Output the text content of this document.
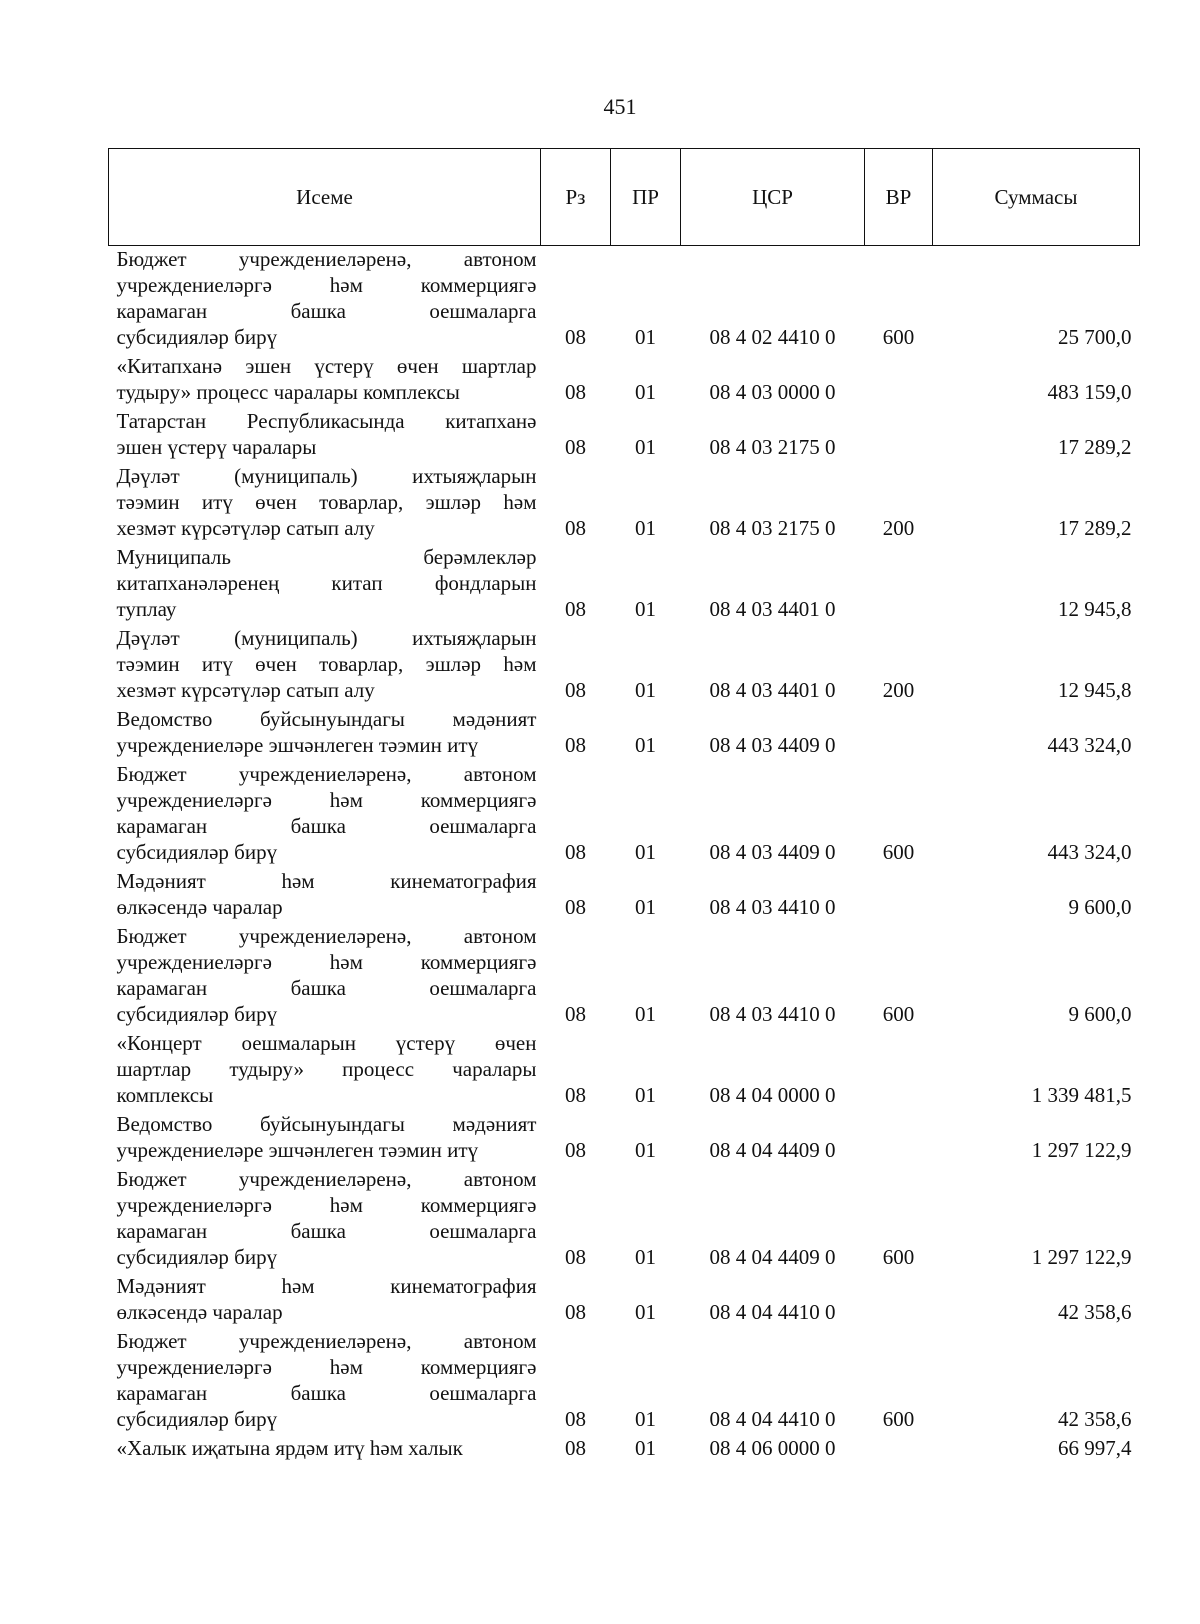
451
Исеме	Рз	ПР	ЦСР	ВР	Суммасы

Бюджет учреждениеләренә, автоном
учреждениеләргә һәм коммерциягә
карамаган башка оешмаларга
субсидияләр бирү	08	01	08 4 02 4410 0	600	25 700,0

«Китапханә эшен үстерү өчен шартлар
тудыру» процесс чаралары комплексы	08	01	08 4 03 0000 0		483 159,0

Татарстан Республикасында китапханә
эшен үстерү чаралары	08	01	08 4 03 2175 0		17 289,2

Дәүләт (муниципаль) ихтыяҗларын
тәэмин итү өчен товарлар, эшләр һәм
хезмәт күрсәтүләр сатып алу	08	01	08 4 03 2175 0	200	17 289,2

Муниципаль берәмлекләр
китапханәләренең китап фондларын
туплау	08	01	08 4 03 4401 0		12 945,8

Дәүләт (муниципаль) ихтыяҗларын
тәэмин итү өчен товарлар, эшләр һәм
хезмәт күрсәтүләр сатып алу	08	01	08 4 03 4401 0	200	12 945,8

Ведомство буйсынуындагы мәдәният
учреждениеләре эшчәнлеген тәэмин итү	08	01	08 4 03 4409 0		443 324,0

Бюджет учреждениеләренә, автоном
учреждениеләргә һәм коммерциягә
карамаган башка оешмаларга
субсидияләр бирү	08	01	08 4 03 4409 0	600	443 324,0

Мәдәният һәм кинематография
өлкәсендә чаралар	08	01	08 4 03 4410 0		9 600,0

Бюджет учреждениеләренә, автоном
учреждениеләргә һәм коммерциягә
карамаган башка оешмаларга
субсидияләр бирү	08	01	08 4 03 4410 0	600	9 600,0

«Концерт оешмаларын үстерү өчен
шартлар тудыру» процесс чаралары
комплексы	08	01	08 4 04 0000 0		1 339 481,5

Ведомство буйсынуындагы мәдәният
учреждениеләре эшчәнлеген тәэмин итү	08	01	08 4 04 4409 0		1 297 122,9

Бюджет учреждениеләренә, автоном
учреждениеләргә һәм коммерциягә
карамаган башка оешмаларга
субсидияләр бирү	08	01	08 4 04 4409 0	600	1 297 122,9

Мәдәният һәм кинематография
өлкәсендә чаралар	08	01	08 4 04 4410 0		42 358,6

Бюджет учреждениеләренә, автоном
учреждениеләргә һәм коммерциягә
карамаган башка оешмаларга
субсидияләр бирү	08	01	08 4 04 4410 0	600	42 358,6

«Халык иҗатына ярдәм итү һәм халык	08	01	08 4 06 0000 0		66 997,4
